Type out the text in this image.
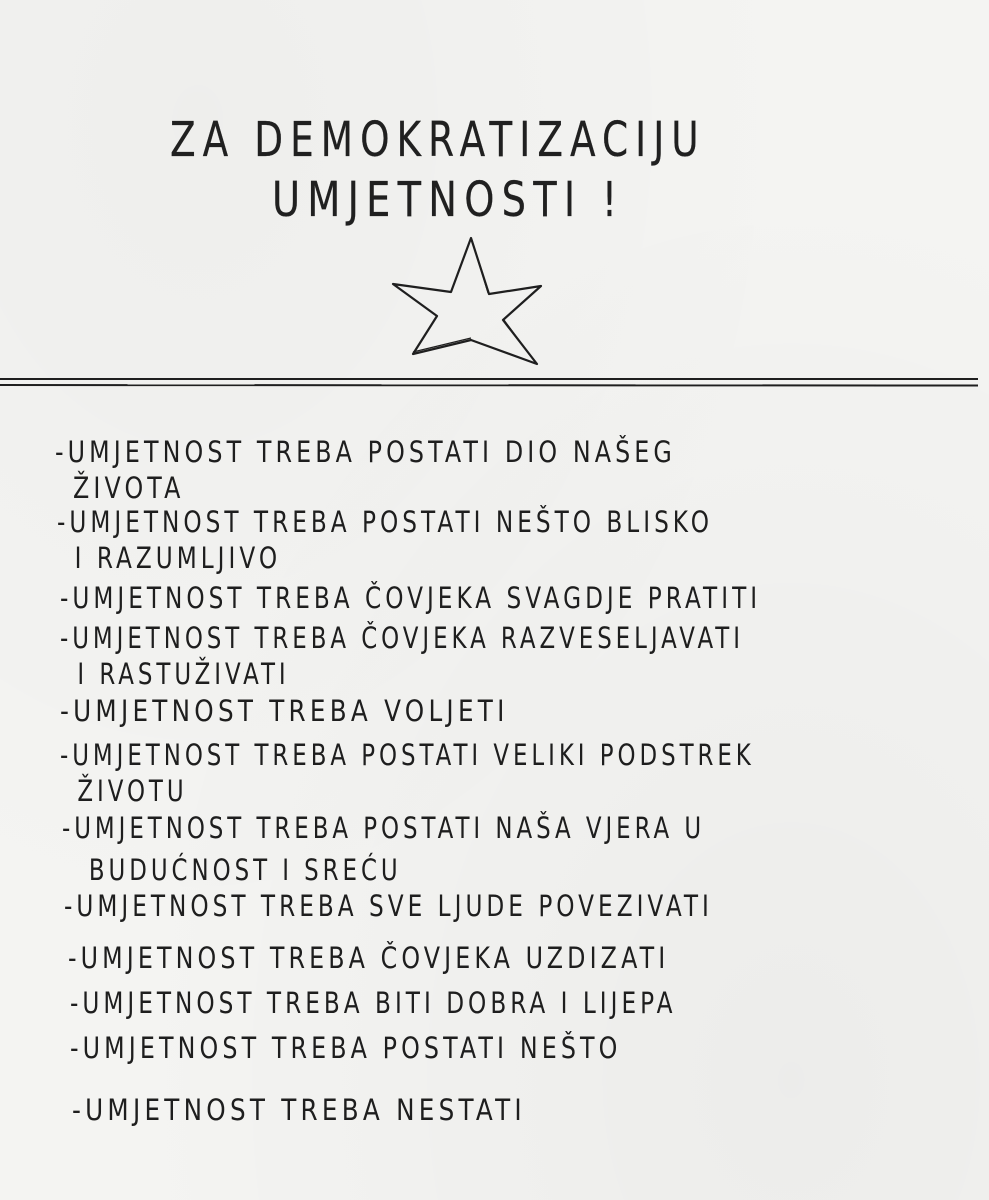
ZA DEMOKRATIZACIJU
UMJETNOSTI !
-UMJETNOST TREBA POSTATI DIO NAŠEG
ŽIVOTA
-UMJETNOST TREBA POSTATI NEŠTO BLISKO
I RAZUMLJIVO
-UMJETNOST TREBA ČOVJEKA SVAGDJE PRATITI
-UMJETNOST TREBA ČOVJEKA RAZVESELJAVATI
I RASTUŽIVATI
-UMJETNOST TREBA VOLJETI
-UMJETNOST TREBA POSTATI VELIKI PODSTREK
ŽIVOTU
-UMJETNOST TREBA POSTATI NAŠA VJERA U
BUDUĆNOST I SREĆU
-UMJETNOST TREBA SVE LJUDE POVEZIVATI
-UMJETNOST TREBA ČOVJEKA UZDIZATI
-UMJETNOST TREBA BITI DOBRA I LIJEPA
-UMJETNOST TREBA POSTATI NEŠTO
-UMJETNOST TREBA NESTATI
